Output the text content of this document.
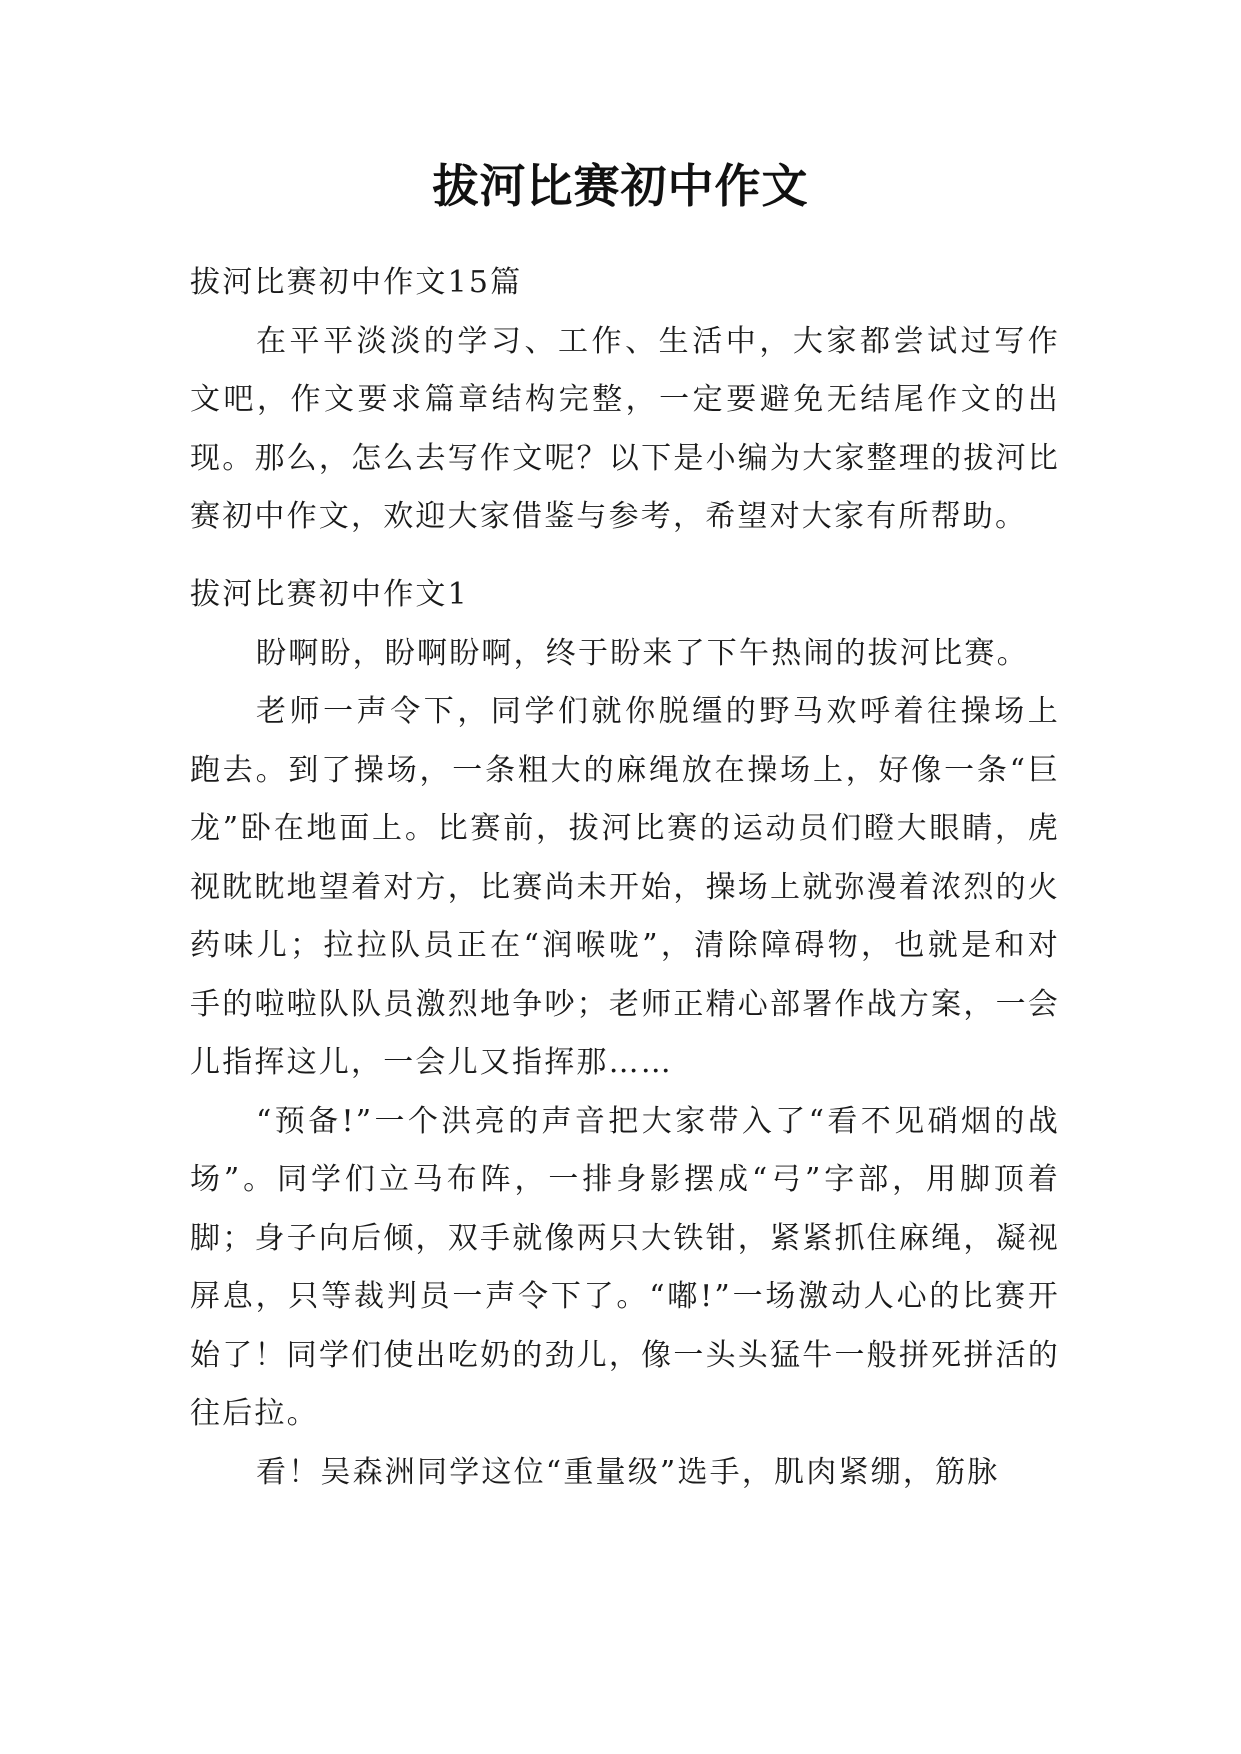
拔河比赛初中作文

拔河比赛初中作文15篇

在平平淡淡的学习、工作、生活中，大家都尝试过写作文吧，作文要求篇章结构完整，一定要避免无结尾作文的出现。那么，怎么去写作文呢？以下是小编为大家整理的拔河比赛初中作文，欢迎大家借鉴与参考，希望对大家有所帮助。

拔河比赛初中作文1

盼啊盼，盼啊盼啊，终于盼来了下午热闹的拔河比赛。

老师一声令下，同学们就你脱缰的野马欢呼着往操场上跑去。到了操场，一条粗大的麻绳放在操场上，好像一条“巨龙”卧在地面上。比赛前，拔河比赛的运动员们瞪大眼睛，虎视眈眈地望着对方，比赛尚未开始，操场上就弥漫着浓烈的火药味儿；拉拉队员正在“润喉咙”，清除障碍物，也就是和对手的啦啦队队员激烈地争吵；老师正精心部署作战方案，一会儿指挥这儿，一会儿又指挥那……

“预备!”一个洪亮的声音把大家带入了“看不见硝烟的战场”。同学们立马布阵，一排身影摆成“弓”字部，用脚顶着脚；身子向后倾，双手就像两只大铁钳，紧紧抓住麻绳，凝视屏息，只等裁判员一声令下了。“嘟!”一场激动人心的比赛开始了！同学们使出吃奶的劲儿，像一头头猛牛一般拼死拼活的往后拉。

看！吴森洲同学这位“重量级”选手，肌肉紧绷，筋脉
